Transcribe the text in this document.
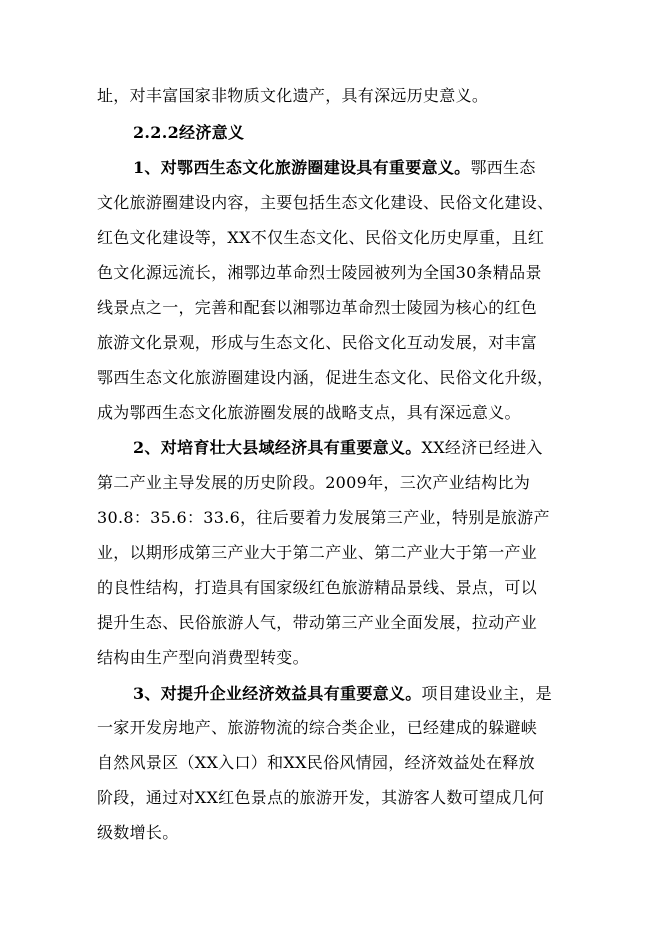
址，对丰富国家非物质文化遗产，具有深远历史意义。
2.2.2经济意义
1、对鄂西生态文化旅游圈建设具有重要意义。鄂西生态
文化旅游圈建设内容，主要包括生态文化建设、民俗文化建设、
红色文化建设等，XX不仅生态文化、民俗文化历史厚重，且红
色文化源远流长，湘鄂边革命烈士陵园被列为全国30条精品景
线景点之一，完善和配套以湘鄂边革命烈士陵园为核心的红色
旅游文化景观，形成与生态文化、民俗文化互动发展，对丰富
鄂西生态文化旅游圈建设内涵，促进生态文化、民俗文化升级，
成为鄂西生态文化旅游圈发展的战略支点，具有深远意义。
2、对培育壮大县域经济具有重要意义。XX经济已经进入
第二产业主导发展的历史阶段。2009年，三次产业结构比为
30.8：35.6：33.6，往后要着力发展第三产业，特别是旅游产
业，以期形成第三产业大于第二产业、第二产业大于第一产业
的良性结构，打造具有国家级红色旅游精品景线、景点，可以
提升生态、民俗旅游人气，带动第三产业全面发展，拉动产业
结构由生产型向消费型转变。
3、对提升企业经济效益具有重要意义。项目建设业主，是
一家开发房地产、旅游物流的综合类企业，已经建成的躲避峡
自然风景区（XX入口）和XX民俗风情园，经济效益处在释放
阶段，通过对XX红色景点的旅游开发，其游客人数可望成几何
级数增长。
